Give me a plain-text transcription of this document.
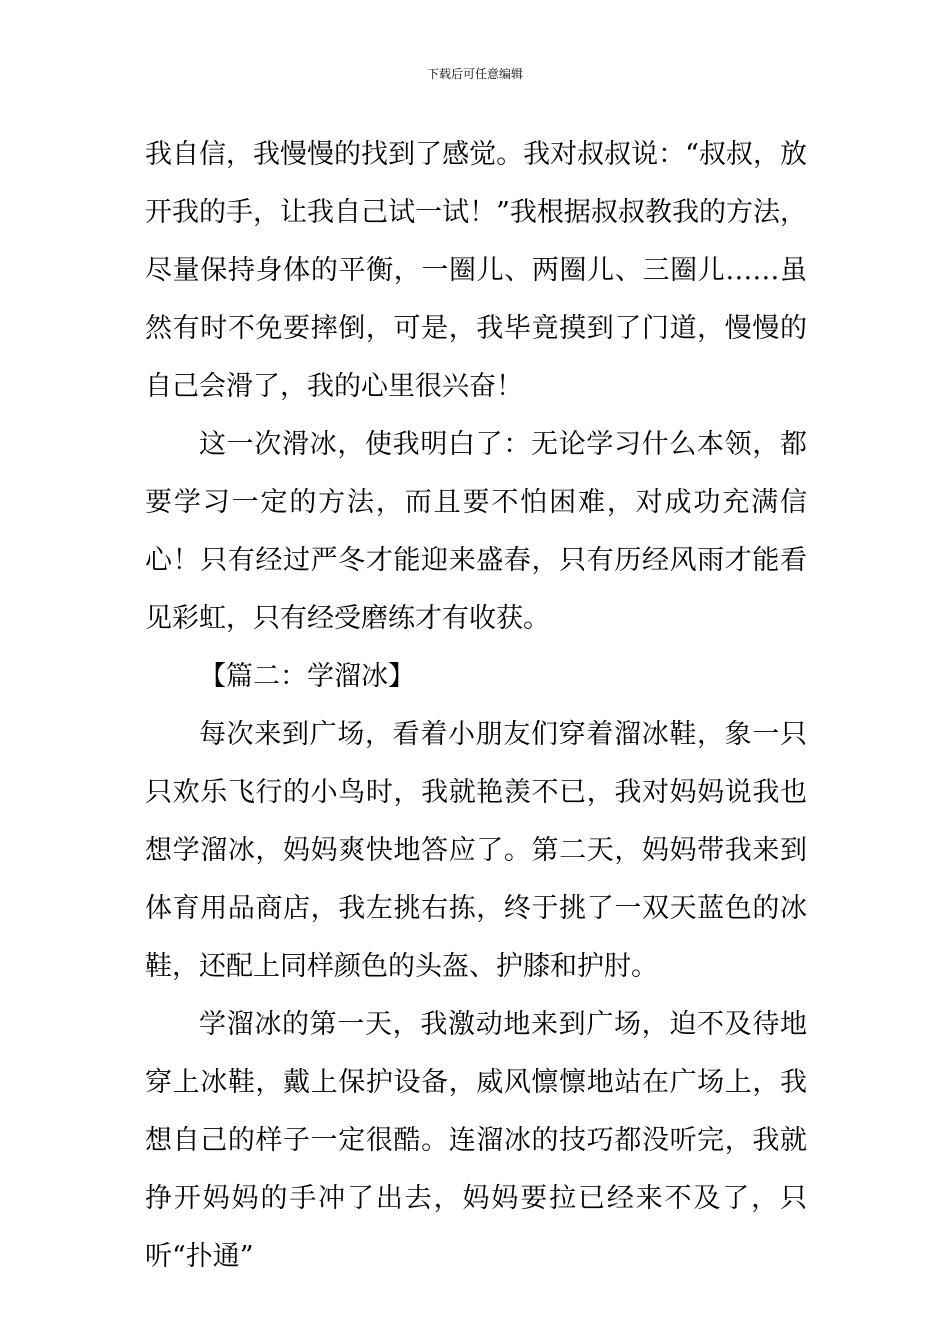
下载后可任意编辑

我自信，我慢慢的找到了感觉。我对叔叔说：“叔叔，放开我的手，让我自己试一试！”我根据叔叔教我的方法，尽量保持身体的平衡，一圈儿、两圈儿、三圈儿……虽然有时不免要摔倒，可是，我毕竟摸到了门道，慢慢的自己会滑了，我的心里很兴奋！

这一次滑冰，使我明白了：无论学习什么本领，都要学习一定的方法，而且要不怕困难，对成功充满信心！只有经过严冬才能迎来盛春，只有历经风雨才能看见彩虹，只有经受磨练才有收获。

【篇二：学溜冰】

每次来到广场，看着小朋友们穿着溜冰鞋，象一只只欢乐飞行的小鸟时，我就艳羡不已，我对妈妈说我也想学溜冰，妈妈爽快地答应了。第二天，妈妈带我来到体育用品商店，我左挑右拣，终于挑了一双天蓝色的冰鞋，还配上同样颜色的头盔、护膝和护肘。

学溜冰的第一天，我激动地来到广场，迫不及待地穿上冰鞋，戴上保护设备，威风懔懔地站在广场上，我想自己的样子一定很酷。连溜冰的技巧都没听完，我就挣开妈妈的手冲了出去，妈妈要拉已经来不及了，只听“扑通”
